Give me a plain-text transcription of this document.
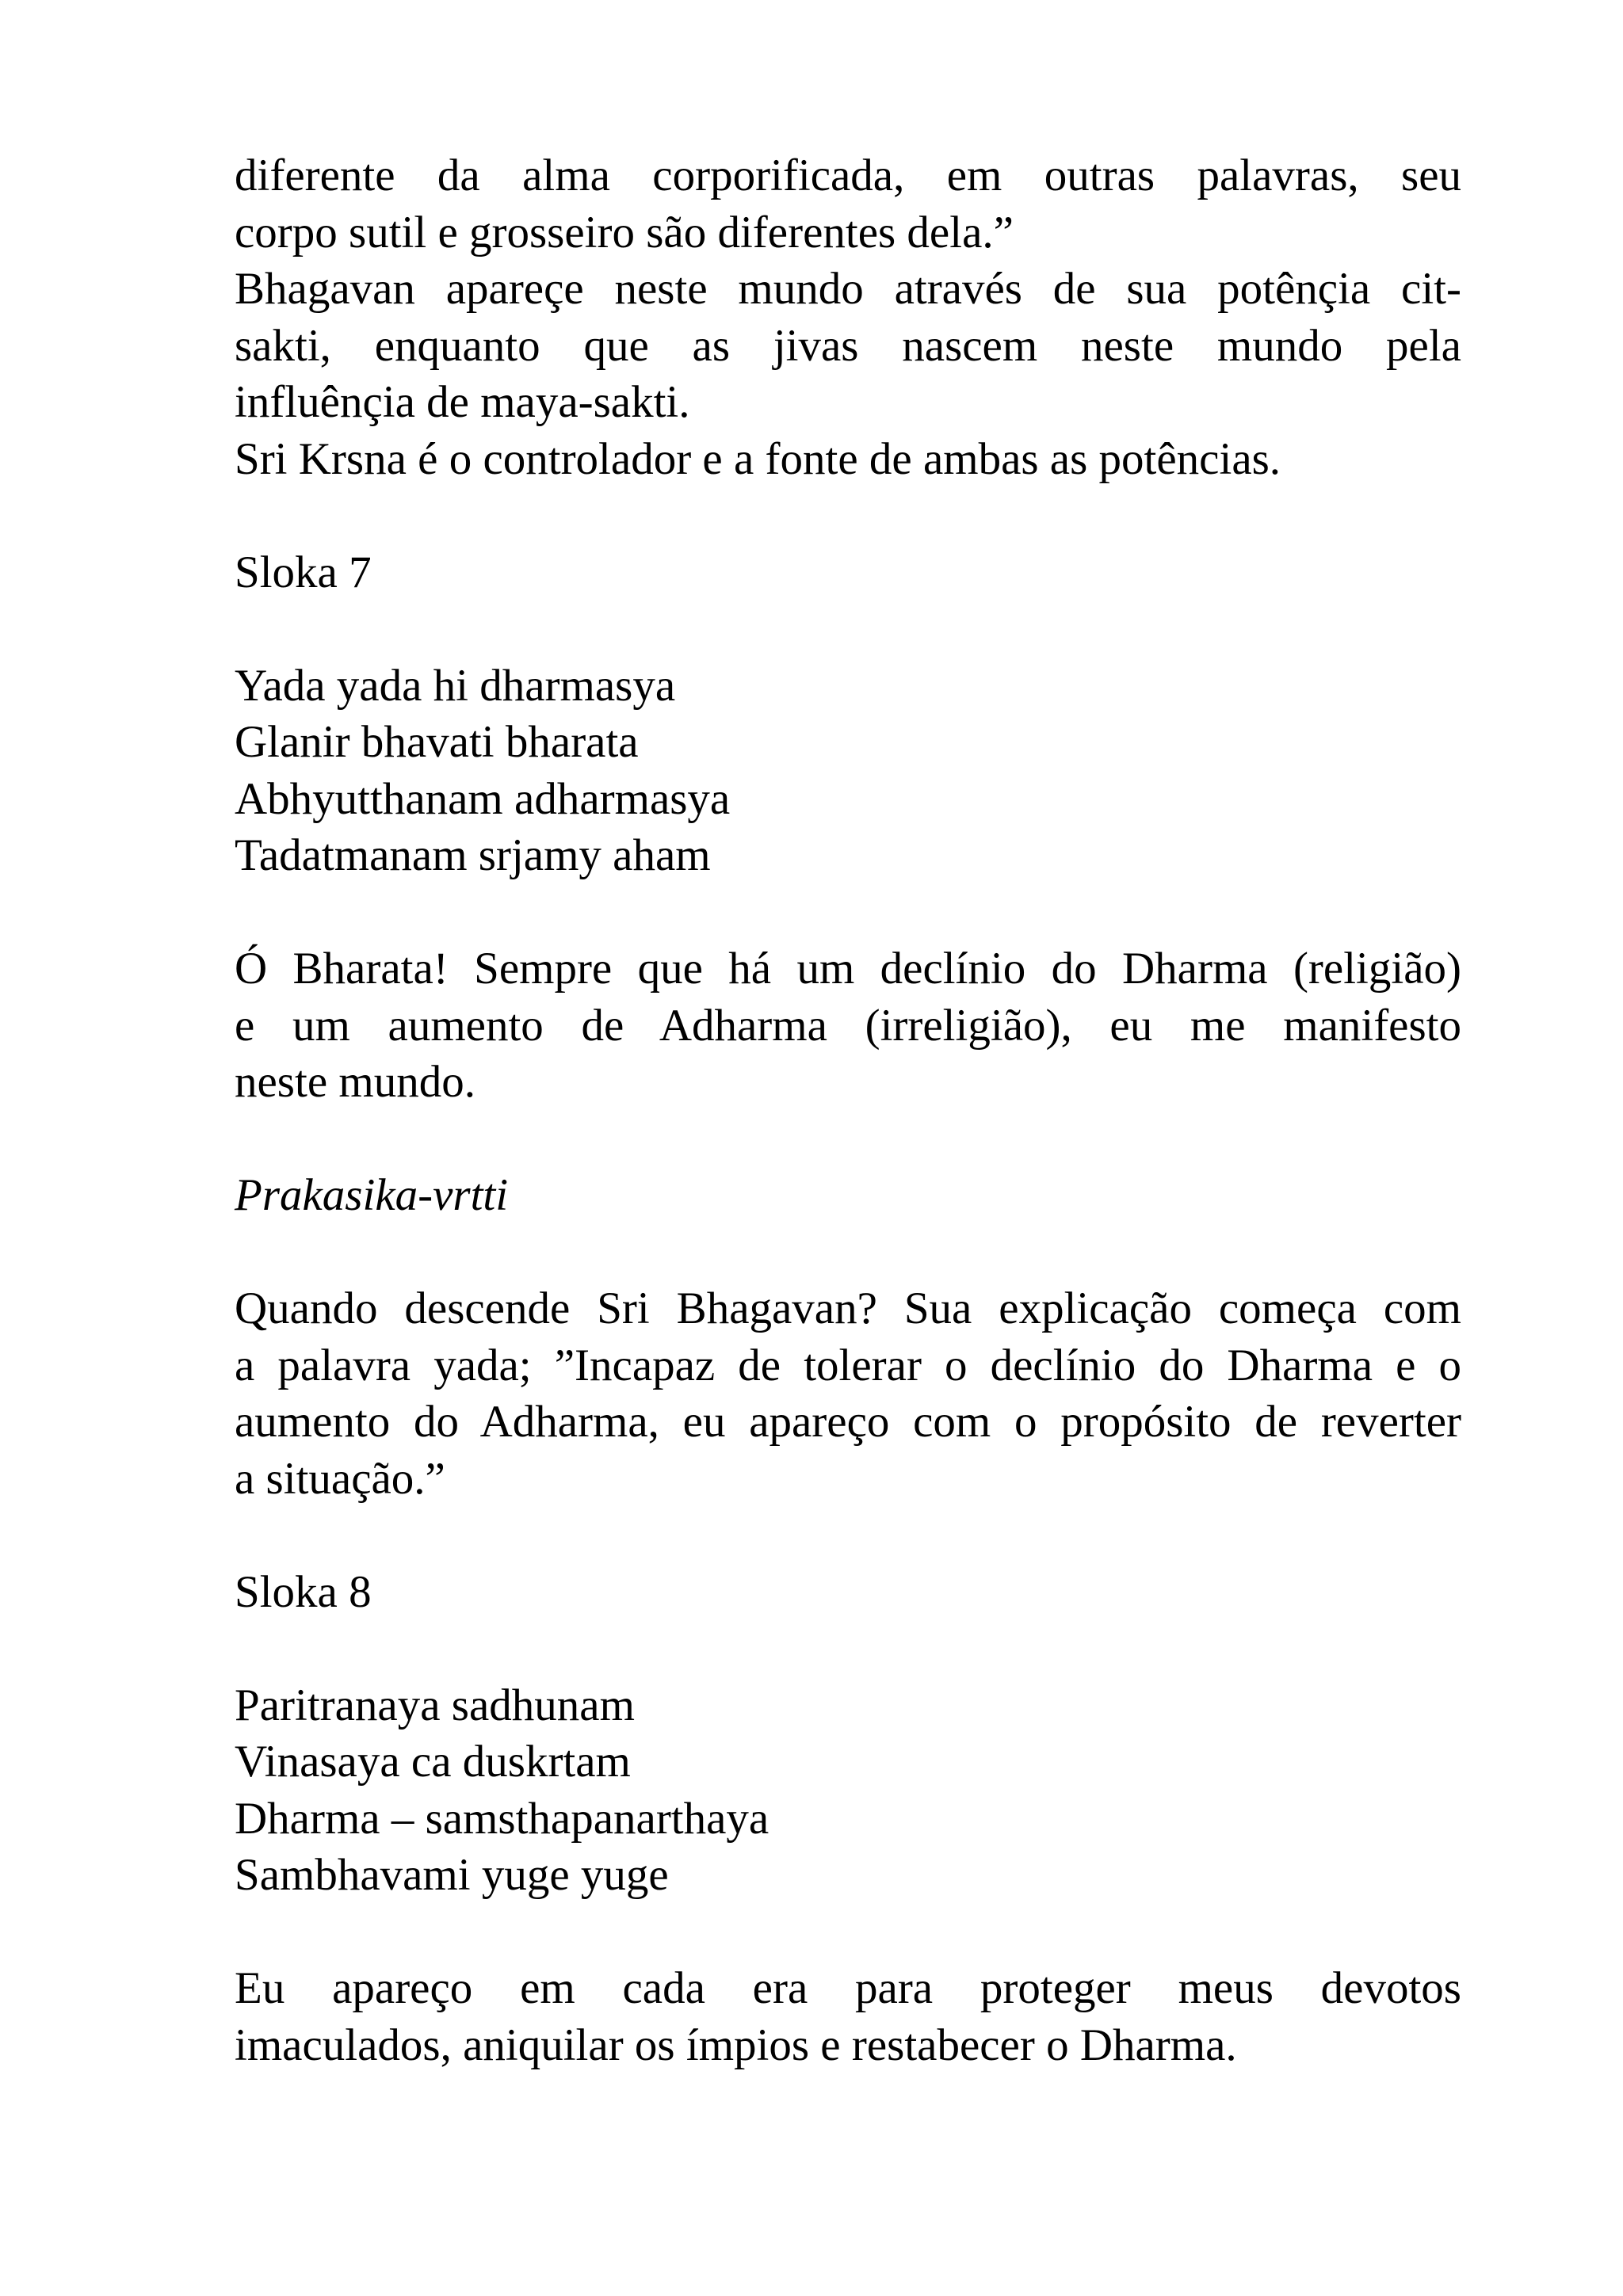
diferente da alma corporificada, em outras palavras, seu
corpo sutil e grosseiro são diferentes dela.”
Bhagavan apareçe neste mundo através de sua potênçia cit-
sakti, enquanto que as jivas nascem neste mundo pela
influênçia de maya-sakti.
Sri Krsna é o controlador e a fonte de ambas as potências.
Sloka 7
Yada yada hi dharmasya
Glanir bhavati bharata
Abhyutthanam adharmasya
Tadatmanam srjamy aham
Ó Bharata! Sempre que há um declínio do Dharma (religião)
e um aumento de Adharma (irreligião), eu me manifesto
neste mundo.
Prakasika-vrtti
Quando descende Sri Bhagavan? Sua explicação começa com
a palavra yada; ”Incapaz de tolerar o declínio do Dharma e o
aumento do Adharma, eu apareço com o propósito de reverter
a situação.”
Sloka 8
Paritranaya sadhunam
Vinasaya ca duskrtam
Dharma – samsthapanarthaya
Sambhavami yuge yuge
Eu apareço em cada era para proteger meus devotos
imaculados, aniquilar os ímpios e restabecer o Dharma.
